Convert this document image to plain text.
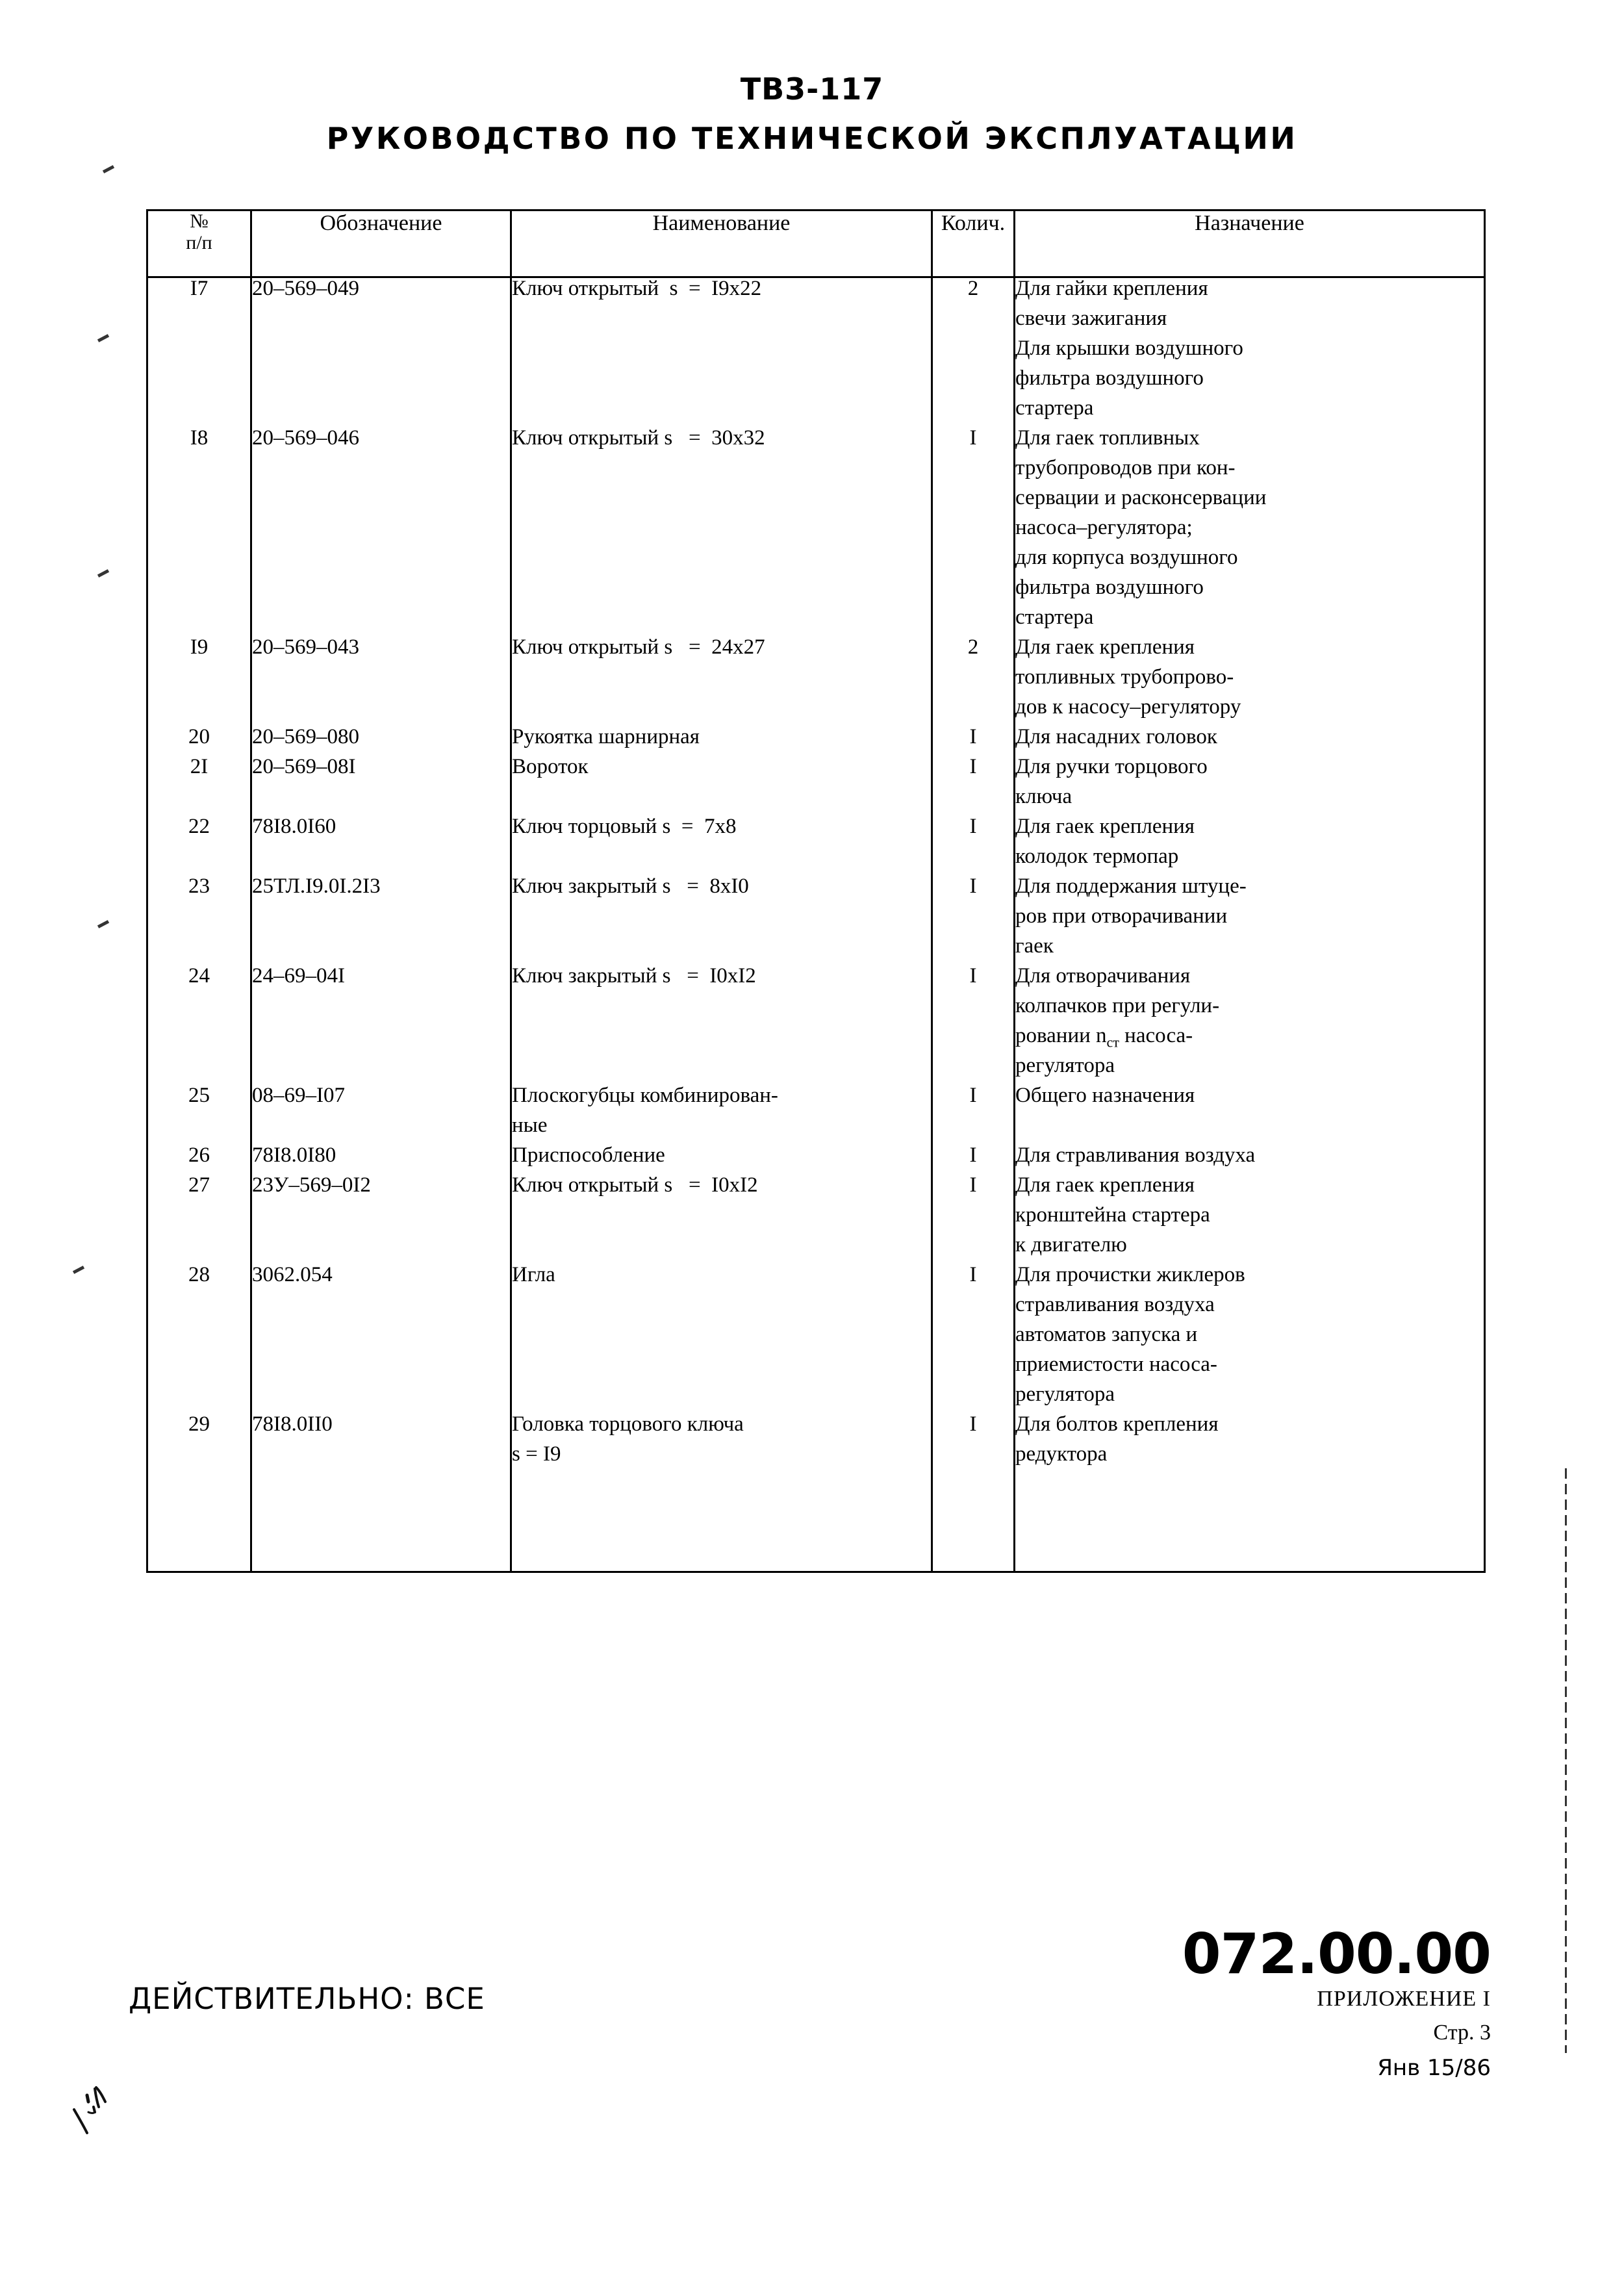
ТВ3-117
РУКОВОДСТВО ПО ТЕХНИЧЕСКОЙ ЭКСПЛУАТАЦИИ
№
п/п	Обозначение	Наименование	Колич.	Назначение

I7	20–569–049	Ключ открытый  s  =  I9x22	2	Для гайки крепления
свечи зажигания
Для крышки воздушного
фильтра воздушного
стартера

I8	20–569–046	Ключ открытый s   =  30x32	I	Для гаек топливных
трубопроводов при кон-
сервации и расконсервации
насоса–регулятора;
для корпуса воздушного
фильтра воздушного
стартера

I9	20–569–043	Ключ открытый s   =  24x27	2	Для гаек крепления
топливных трубопрово-
дов к насосу–регулятору

20	20–569–080	Рукоятка шарнирная	I	Для насадних головок

2I	20–569–08I	Вороток	I	Для ручки торцового
ключа

22	78I8.0I60	Ключ торцовый s  =  7x8	I	Для гаек крепления
колодок термопар

23	25ТЛ.I9.0I.2I3	Ключ закрытый s   =  8xI0	I	Для поддержания штуце-
ров при отворачивании
гаек

24	24–69–04I	Ключ закрытый s   =  I0xI2	I	Для отворачивания
колпачков при регули-
ровании $n_{ст}$ насоса-
регулятора

25	08–69–I07	Плоскогубцы комбинирован-
ные	I	Общего назначения

26	78I8.0I80	Приспособление	I	Для стравливания воздуха

27	23У–569–0I2	Ключ открытый s   =  I0xI2	I	Для гаек крепления
кронштейна стартера
к двигателю

28	3062.054	Игла	I	Для прочистки жиклеров
стравливания воздуха
автоматов запуска и
приемистости насоса-
регулятора

29	78I8.0II0	Головка торцового ключа
s = I9	I	Для болтов крепления
редуктора

ДЕЙСТВИТЕЛЬНО: ВСЕ
072.00.00
ПРИЛОЖЕНИЕ I
Стр. 3
Янв 15/86
